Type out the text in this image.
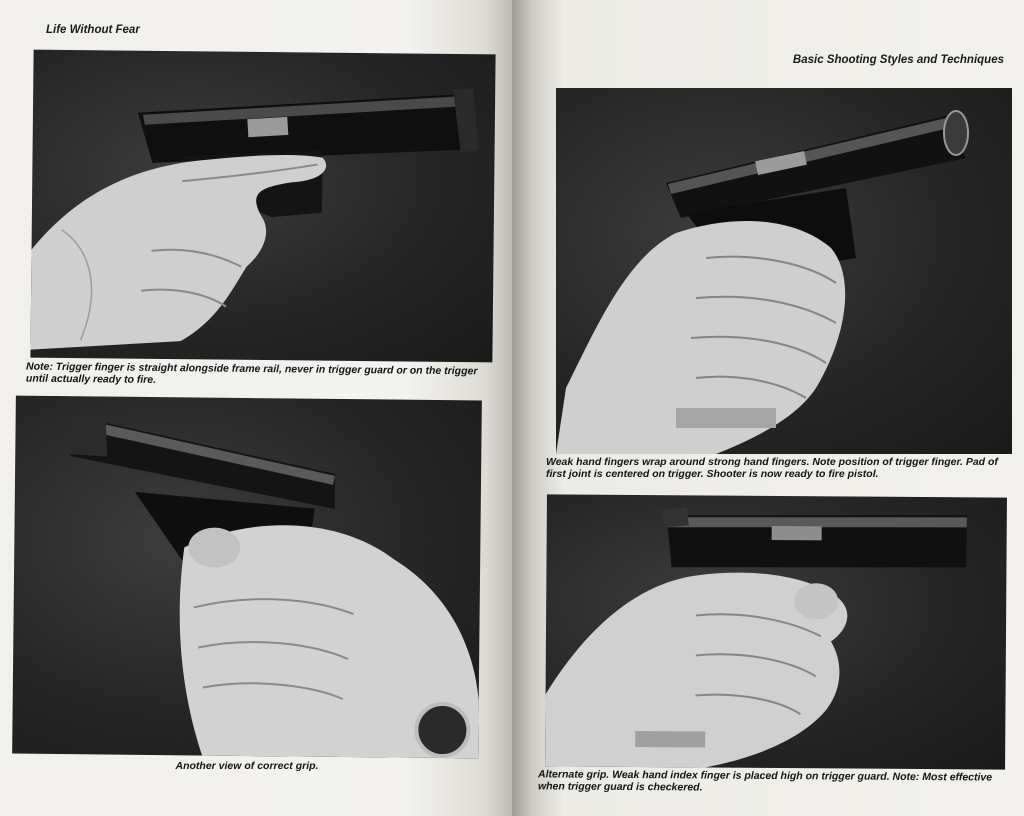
Life Without Fear
Note: Trigger finger is straight alongside frame rail, never in trigger guard or on the trigger until actually ready to fire.
Another view of correct grip.
Basic Shooting Styles and Techniques
Weak hand fingers wrap around strong hand fingers. Note position of trigger finger. Pad of first joint is centered on trigger. Shooter is now ready to fire pistol.
Alternate grip. Weak hand index finger is placed high on trigger guard. Note: Most effective when trigger guard is checkered.
